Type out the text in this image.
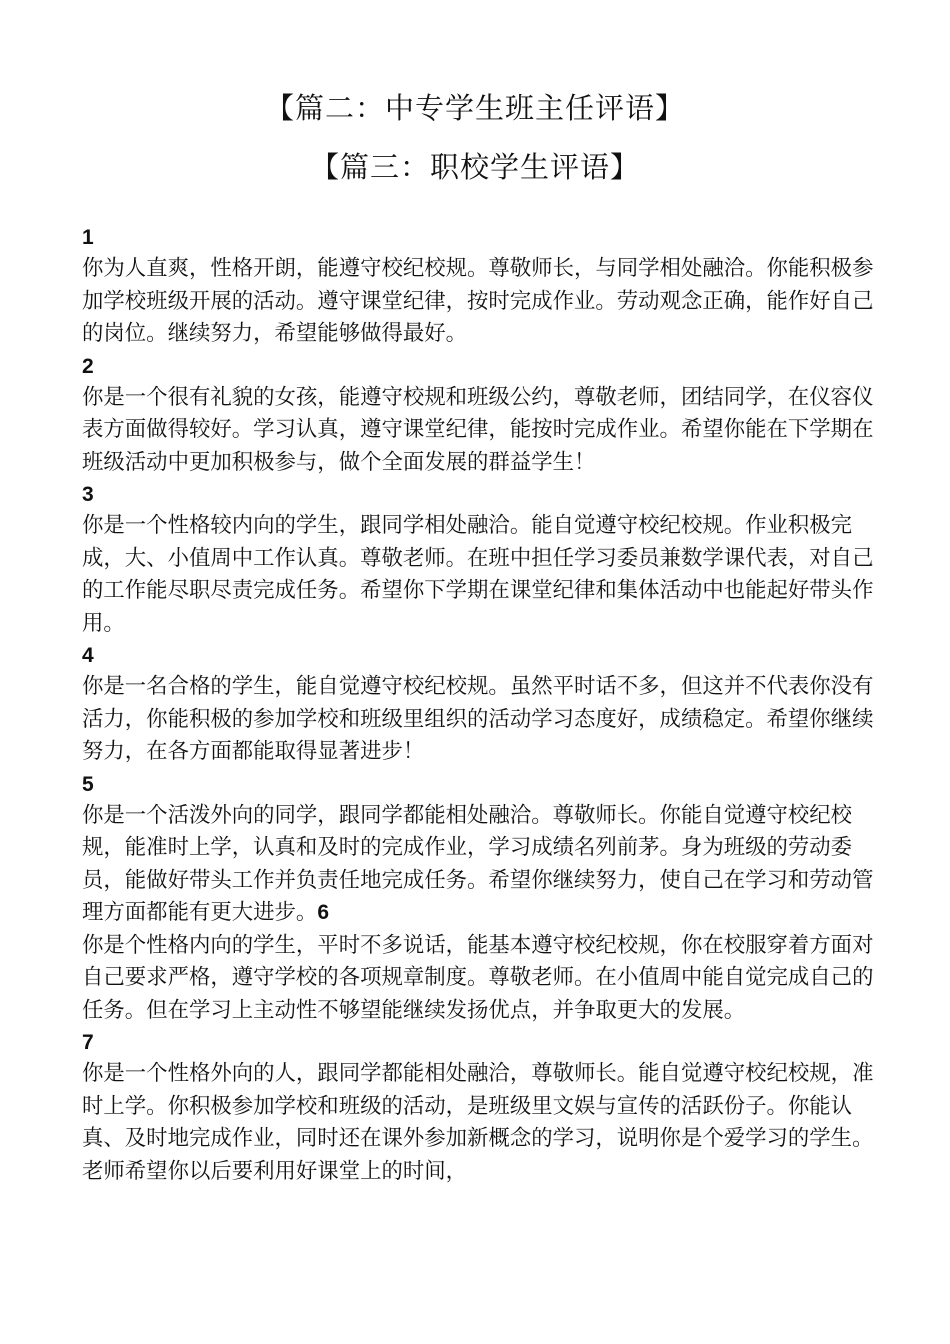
【篇二：中专学生班主任评语】
【篇三：职校学生评语】
1

你为人直爽，性格开朗，能遵守校纪校规。尊敬师长，与同学相处融洽。你能积极参加学校班级开展的活动。遵守课堂纪律，按时完成作业。劳动观念正确，能作好自己的岗位。继续努力，希望能够做得最好。

2

你是一个很有礼貌的女孩，能遵守校规和班级公约，尊敬老师，团结同学，在仪容仪表方面做得较好。学习认真，遵守课堂纪律，能按时完成作业。希望你能在下学期在班级活动中更加积极参与，做个全面发展的群益学生！

3

你是一个性格较内向的学生，跟同学相处融洽。能自觉遵守校纪校规。作业积极完成，大、小值周中工作认真。尊敬老师。在班中担任学习委员兼数学课代表，对自己的工作能尽职尽责完成任务。希望你下学期在课堂纪律和集体活动中也能起好带头作用。

4

你是一名合格的学生，能自觉遵守校纪校规。虽然平时话不多，但这并不代表你没有活力，你能积极的参加学校和班级里组织的活动学习态度好，成绩稳定。希望你继续努力，在各方面都能取得显著进步！

5

你是一个活泼外向的同学，跟同学都能相处融洽。尊敬师长。你能自觉遵守校纪校规，能准时上学，认真和及时的完成作业，学习成绩名列前茅。身为班级的劳动委员，能做好带头工作并负责任地完成任务。希望你继续努力，使自己在学习和劳动管理方面都能有更大进步。6

你是个性格内向的学生，平时不多说话，能基本遵守校纪校规，你在校服穿着方面对自己要求严格，遵守学校的各项规章制度。尊敬老师。在小值周中能自觉完成自己的任务。但在学习上主动性不够望能继续发扬优点，并争取更大的发展。

7

你是一个性格外向的人，跟同学都能相处融洽，尊敬师长。能自觉遵守校纪校规，准时上学。你积极参加学校和班级的活动，是班级里文娱与宣传的活跃份子。你能认真、及时地完成作业，同时还在课外参加新概念的学习，说明你是个爱学习的学生。老师希望你以后要利用好课堂上的时间，
